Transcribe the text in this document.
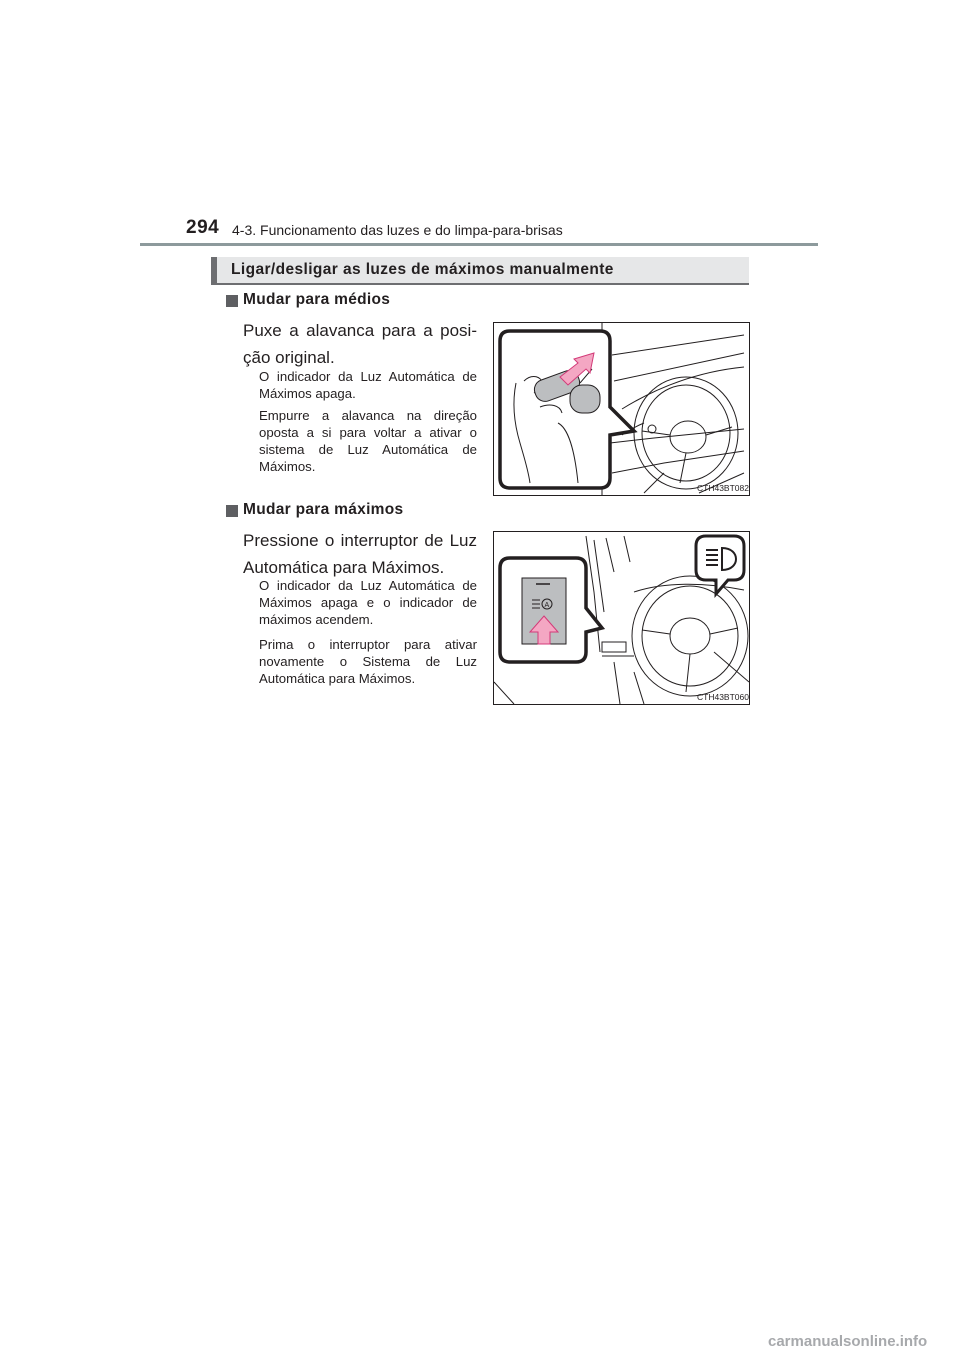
294 4-3. Funcionamento das luzes e do limpa-para-brisas
Ligar/desligar as luzes de máximos manualmente
Mudar para médios

Puxe a alavanca para a posi-ção original.

O indicador da Luz Automática de Máximos apaga.

Empurre a alavanca na direção oposta a si para voltar a ativar o sistema de Luz Automática de Máximos.

CTH43BT082
Mudar para máximos

Pressione o interruptor de Luz Automática para Máximos.

O indicador da Luz Automática de Máximos apaga e o indicador de máximos acendem.

Prima o interruptor para ativar novamente o Sistema de Luz Automática para Máximos.

A
CTH43BT060
carmanualsonline.info
